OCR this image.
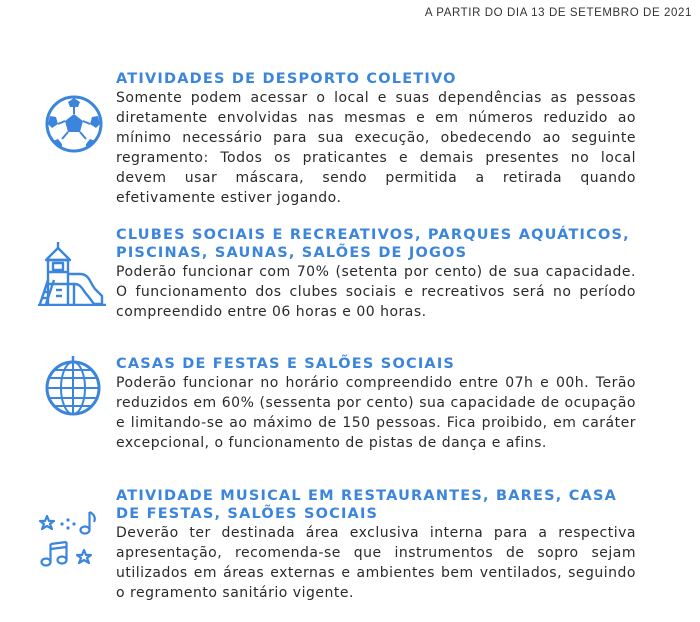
A PARTIR DO DIA 13 DE SETEMBRO DE 2021
ATIVIDADES DE DESPORTO COLETIVO

Somente podem acessar o local e suas dependências as pessoas diretamente envolvidas nas mesmas e em números reduzido ao mínimo necessário para sua execução, obedecendo ao seguinte regramento: Todos os praticantes e demais presentes no local devem usar máscara, sendo permitida a retirada quando efetivamente estiver jogando.

CLUBES SOCIAIS E RECREATIVOS, PARQUES AQUÁTICOS, PISCINAS, SAUNAS, SALÕES DE JOGOS

Poderão funcionar com 70% (setenta por cento) de sua capacidade. O funcionamento dos clubes sociais e recreativos será no período compreendido entre 06 horas e 00 horas.

CASAS DE FESTAS E SALÕES SOCIAIS

Poderão funcionar no horário compreendido entre 07h e 00h. Terão reduzidos em 60% (sessenta por cento) sua capacidade de ocupação e limitando-se ao máximo de 150 pessoas. Fica proibido, em caráter excepcional, o funcionamento de pistas de dança e afins.

ATIVIDADE MUSICAL EM RESTAURANTES, BARES, CASA DE FESTAS, SALÕES SOCIAIS

Deverão ter destinada área exclusiva interna para a respectiva apresentação, recomenda-se que instrumentos de sopro sejam utilizados em áreas externas e ambientes bem ventilados, seguindo o regramento sanitário vigente.
